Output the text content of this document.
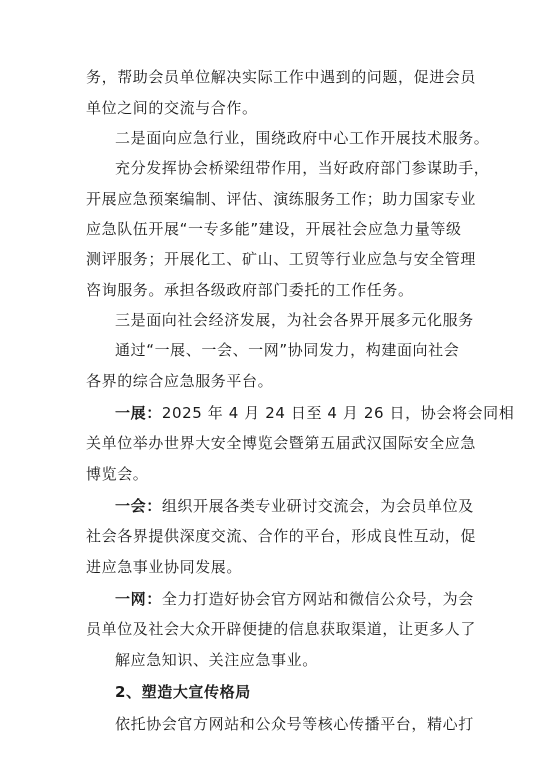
务，帮助会员单位解决实际工作中遇到的问题，促进会员
单位之间的交流与合作。
二是面向应急行业，围绕政府中心工作开展技术服务。
充分发挥协会桥梁纽带作用，当好政府部门参谋助手，
开展应急预案编制、评估、演练服务工作；助力国家专业
应急队伍开展“一专多能”建设，开展社会应急力量等级
测评服务；开展化工、矿山、工贸等行业应急与安全管理
咨询服务。承担各级政府部门委托的工作任务。
三是面向社会经济发展，为社会各界开展多元化服务
通过“一展、一会、一网”协同发力，构建面向社会
各界的综合应急服务平台。
一展：2025 年 4 月 24 日至 4 月 26 日，协会将会同相
关单位举办世界大安全博览会暨第五届武汉国际安全应急
博览会。
一会：组织开展各类专业研讨交流会，为会员单位及
社会各界提供深度交流、合作的平台，形成良性互动，促
进应急事业协同发展。
一网：全力打造好协会官方网站和微信公众号，为会
员单位及社会大众开辟便捷的信息获取渠道，让更多人了
解应急知识、关注应急事业。
2、塑造大宣传格局
依托协会官方网站和公众号等核心传播平台，精心打
